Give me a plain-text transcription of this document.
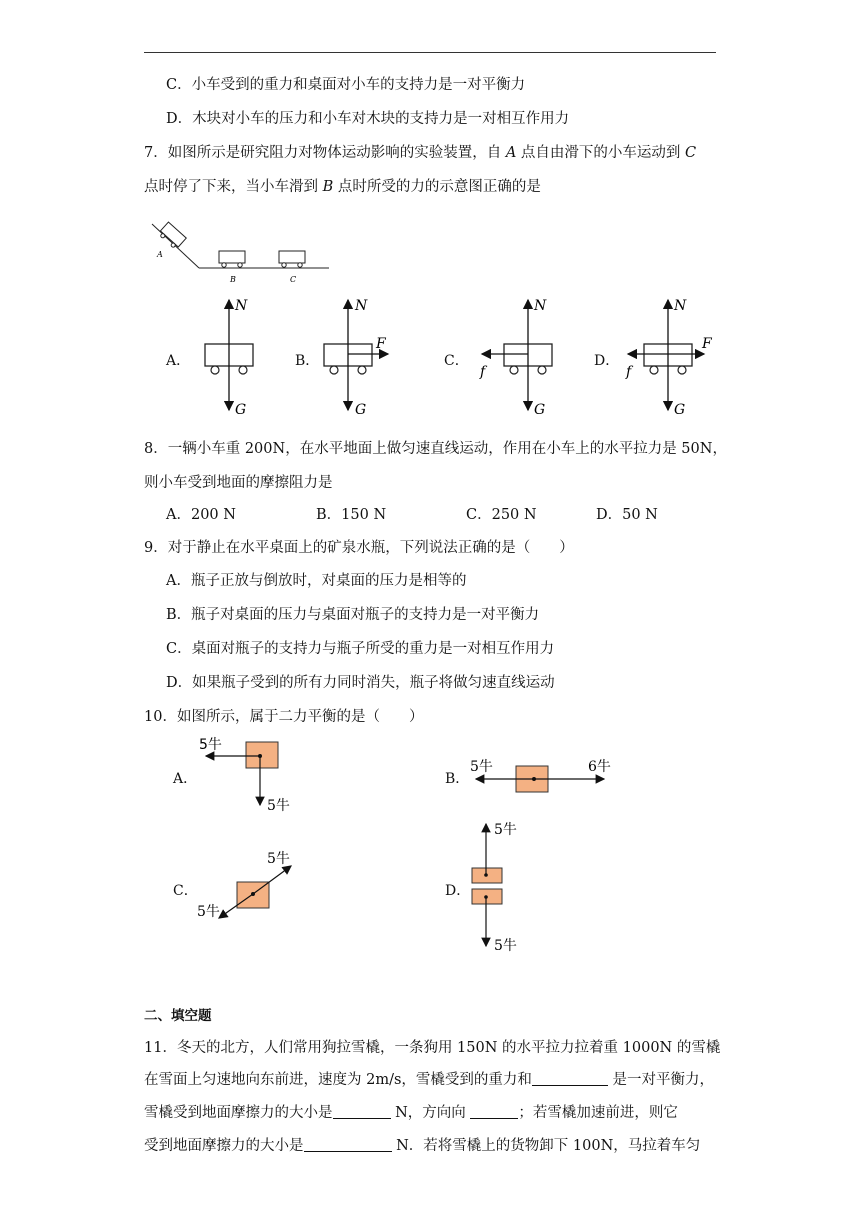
C．小车受到的重力和桌面对小车的支持力是一对平衡力
D．木块对小车的压力和小车对木块的支持力是一对相互作用力
7．如图所示是研究阻力对物体运动影响的实验装置，自 A 点自由滑下的小车运动到 C
点时停了下来，当小车滑到 B 点时所受的力的示意图正确的是
A
B	C
A．
N
G
B．
N
F
G
C．
N
f
G
D．
N
F
f
G
8．一辆小车重 200N，在水平地面上做匀速直线运动，作用在小车上的水平拉力是 50N，
则小车受到地面的摩擦阻力是
A．200 N	B．150 N	C．250 N	D．50 N
9．对于静止在水平桌面上的矿泉水瓶，下列说法正确的是（　　）
A．瓶子正放与倒放时，对桌面的压力是相等的
B．瓶子对桌面的压力与桌面对瓶子的支持力是一对平衡力
C．桌面对瓶子的支持力与瓶子所受的重力是一对相互作用力
D．如果瓶子受到的所有力同时消失，瓶子将做匀速直线运动
10．如图所示，属于二力平衡的是（　　）
A．
5牛
5牛
B．
5牛	6牛
C．
5牛
5牛
D．
5牛
5牛
二、填空题
11．冬天的北方，人们常用狗拉雪橇，一条狗用 150N 的水平拉力拉着重 1000N 的雪橇
在雪面上匀速地向东前进，速度为 2m/s，雪橇受到的重力和	是一对平衡力，
雪橇受到地面摩擦力的大小是	N，方向向	；若雪橇加速前进，则它
受到地面摩擦力的大小是	N．若将雪橇上的货物卸下 100N，马拉着车匀
